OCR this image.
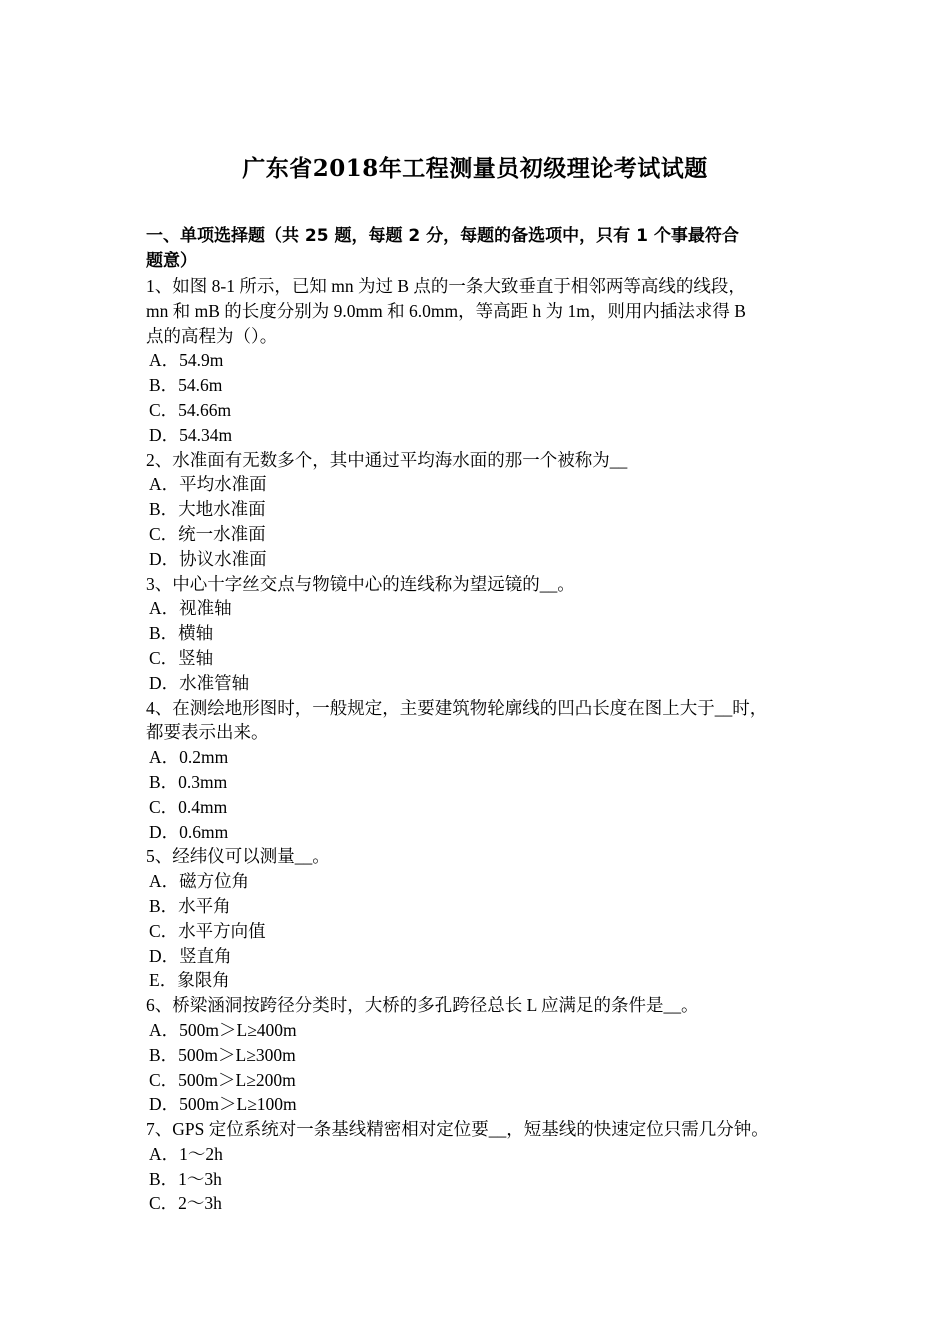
广东省2018年工程测量员初级理论考试试题
一、单项选择题（共 25 题，每题 2 分，每题的备选项中，只有 1 个事最符合
题意）
1、如图 8-1 所示，已知 mn 为过 B 点的一条大致垂直于相邻两等高线的线段，
mn 和 mB 的长度分别为 9.0mm 和 6.0mm，等高距 h 为 1m，则用内插法求得 B
点的高程为（）。
A．54.9m
B．54.6m
C．54.66m
D．54.34m
2、水准面有无数多个，其中通过平均海水面的那一个被称为__
A．平均水准面
B．大地水准面
C．统一水准面
D．协议水准面
3、中心十字丝交点与物镜中心的连线称为望远镜的__。
A．视准轴
B．横轴
C．竖轴
D．水准管轴
4、在测绘地形图时，一般规定，主要建筑物轮廓线的凹凸长度在图上大于__时，
都要表示出来。
A．0.2mm
B．0.3mm
C．0.4mm
D．0.6mm
5、经纬仪可以测量__。
A．磁方位角
B．水平角
C．水平方向值
D．竖直角
E．象限角
6、桥梁涵洞按跨径分类时，大桥的多孔跨径总长 L 应满足的条件是__。
A．500m＞L≥400m
B．500m＞L≥300m
C．500m＞L≥200m
D．500m＞L≥100m
7、GPS 定位系统对一条基线精密相对定位要__，短基线的快速定位只需几分钟。
A．1～2h
B．1～3h
C．2～3h
